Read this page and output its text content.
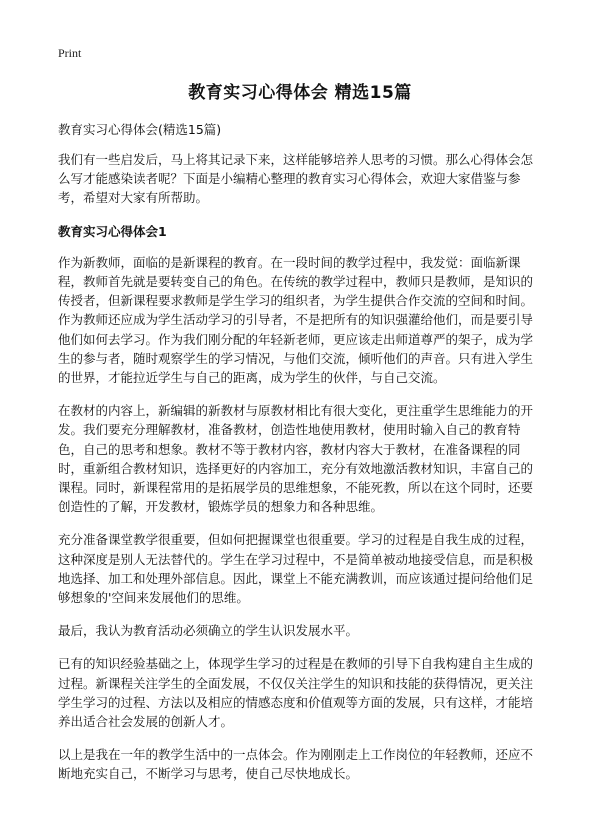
Print
教育实习心得体会 精选15篇
教育实习心得体会(精选15篇)

我们有一些启发后，马上将其记录下来，这样能够培养人思考的习惯。那么心得体会怎么写才能感染读者呢？下面是小编精心整理的教育实习心得体会，欢迎大家借鉴与参考，希望对大家有所帮助。

教育实习心得体会1

作为新教师，面临的是新课程的教育。在一段时间的教学过程中，我发觉：面临新课程，教师首先就是要转变自己的角色。在传统的教学过程中，教师只是教师，是知识的传授者，但新课程要求教师是学生学习的组织者，为学生提供合作交流的空间和时间。作为教师还应成为学生活动学习的引导者，不是把所有的知识强灌给他们，而是要引导他们如何去学习。作为我们刚分配的年轻新老师，更应该走出师道尊严的架子，成为学生的参与者，随时观察学生的学习情况，与他们交流，倾听他们的声音。只有进入学生的世界，才能拉近学生与自己的距离，成为学生的伙伴，与自己交流。

在教材的内容上，新编辑的新教材与原教材相比有很大变化，更注重学生思维能力的开发。我们要充分理解教材，准备教材，创造性地使用教材，使用时输入自己的教育特色，自己的思考和想象。教材不等于教材内容，教材内容大于教材，在准备课程的同时，重新组合教材知识，选择更好的内容加工，充分有效地激活教材知识，丰富自己的课程。同时，新课程常用的是拓展学员的思维想象，不能死教，所以在这个同时，还要创造性的了解，开发教材，锻炼学员的想象力和各种思维。

充分准备课堂教学很重要，但如何把握课堂也很重要。学习的过程是自我生成的过程，这种深度是别人无法替代的。学生在学习过程中，不是简单被动地接受信息，而是积极地选择、加工和处理外部信息。因此，课堂上不能充满教训，而应该通过提问给他们足够想象的'空间来发展他们的思维。

最后，我认为教育活动必须确立的学生认识发展水平。

已有的知识经验基础之上，体现学生学习的过程是在教师的引导下自我构建自主生成的过程。新课程关注学生的全面发展，不仅仅关注学生的知识和技能的获得情况，更关注学生学习的过程、方法以及相应的情感态度和价值观等方面的发展，只有这样，才能培养出适合社会发展的创新人才。

以上是我在一年的教学生活中的一点体会。作为刚刚走上工作岗位的年轻教师，还应不断地充实自己，不断学习与思考，使自己尽快地成长。
